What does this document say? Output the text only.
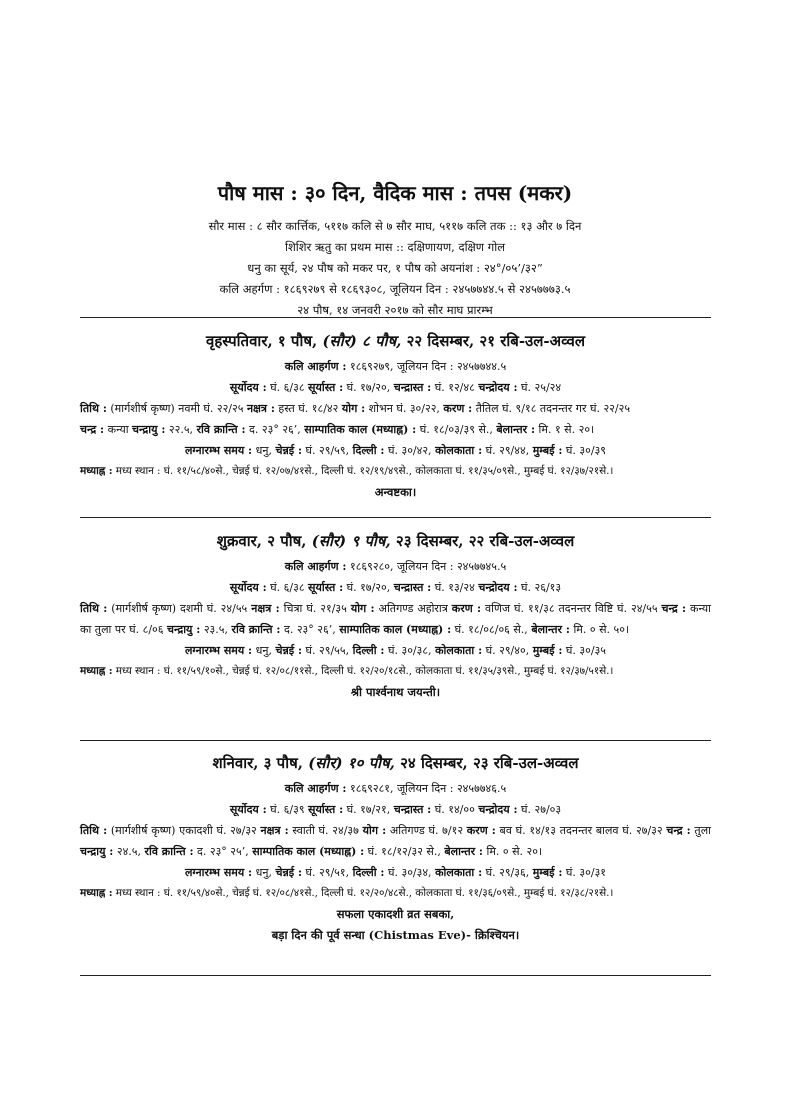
पौष मास : ३० दिन, वैदिक मास : तपस (मकर)

सौर मास : ८ सौर कार्त्तिक, ५११७ कलि से ७ सौर माघ, ५११७ कलि तक :: १३ और ७ दिन

शिशिर ऋतु का प्रथम मास :: दक्षिणायण, दक्षिण गोल

धनु का सूर्य, २४ पौष को मकर पर, १ पौष को अयनांश : २४°/०५’/३२”

कलि अहर्गण : १८६९२७९ से १८६९३०८, जूलियन दिन : २४५७७४४.५ से २४५७७७३.५

२४ पौष, १४ जनवरी २०१७ को सौर माघ प्रारम्भ

वृहस्पतिवार, १ पौष, (सौर) ८ पौष, २२ दिसम्बर, २१ रबि-उल-अव्वल

कलि आहर्गण : १८६९२७९, जूलियन दिन : २४५७७४४.५

सूर्योदय : घं. ६/३८ सूर्यास्त : घं. १७/२०, चन्द्रास्त : घं. १२/४८ चन्द्रोदय : घं. २५/२४

तिथि : (मार्गशीर्ष कृष्ण) नवमी घं. २२/२५ नक्षत्र : हस्त घं. १८/४२ योग : शोभन घं. ३०/२२, करण : तैतिल घं. ९/१८ तदनन्तर गर घं. २२/२५
चन्द्र : कन्या चन्द्रायु : २२.५, रवि क्रान्ति : द. २३° २६’, साम्पातिक काल (मध्याह्न) : घं. १८/०३/३९ से., बेलान्तर : मि. १ से. २०।

लग्नारम्भ समय : धनु, चेन्नई : घं. २९/५९, दिल्ली : घं. ३०/४२, कोलकाता : घं. २९/४४, मुम्बई : घं. ३०/३९

मध्याह्न : मध्य स्थान : घं. ११/५८/४०से., चेन्नई घं. १२/०७/४१से., दिल्ली घं. १२/१९/४९से., कोलकाता घं. ११/३५/०९से., मुम्बई घं. १२/३७/२१से.।

अन्वष्टका।

शुक्रवार, २ पौष, (सौर) ९ पौष, २३ दिसम्बर, २२ रबि-उल-अव्वल

कलि आहर्गण : १८६९२८०, जूलियन दिन : २४५७७४५.५

सूर्योदय : घं. ६/३८ सूर्यास्त : घं. १७/२०, चन्द्रास्त : घं. १३/२४ चन्द्रोदय : घं. २६/१३

तिथि : (मार्गशीर्ष कृष्ण) दशमी घं. २४/५५ नक्षत्र : चित्रा घं. २१/३५ योग : अतिगण्ड अहोरात्र करण : वणिज घं. ११/३८ तदनन्तर विष्टि घं. २४/५५ चन्द्र : कन्या का तुला पर घं. ८/०६ चन्द्रायु : २३.५, रवि क्रान्ति : द. २३° २६’, साम्पातिक काल (मध्याह्न) : घं. १८/०८/०६ से., बेलान्तर : मि. ० से. ५०।

लग्नारम्भ समय : धनु, चेन्नई : घं. २९/५५, दिल्ली : घं. ३०/३८, कोलकाता : घं. २९/४०, मुम्बई : घं. ३०/३५

मध्याह्न : मध्य स्थान : घं. ११/५९/१०से., चेन्नई घं. १२/०८/११से., दिल्ली घं. १२/२०/१८से., कोलकाता घं. ११/३५/३९से., मुम्बई घं. १२/३७/५१से.।

श्री पार्श्वनाथ जयन्ती।

शनिवार, ३ पौष, (सौर) १० पौष, २४ दिसम्बर, २३ रबि-उल-अव्वल

कलि आहर्गण : १८६९२८१, जूलियन दिन : २४५७७४६.५

सूर्योदय : घं. ६/३९ सूर्यास्त : घं. १७/२१, चन्द्रास्त : घं. १४/०० चन्द्रोदय : घं. २७/०३

तिथि : (मार्गशीर्ष कृष्ण) एकादशी घं. २७/३२ नक्षत्र : स्वाती घं. २४/३७ योग : अतिगण्ड घं. ७/१२ करण : बव घं. १४/१३ तदनन्तर बालव घं. २७/३२ चन्द्र : तुला चन्द्रायु : २४.५, रवि क्रान्ति : द. २३° २५’, साम्पातिक काल (मध्याह्न) : घं. १८/१२/३२ से., बेलान्तर : मि. ० से. २०।

लग्नारम्भ समय : धनु, चेन्नई : घं. २९/५१, दिल्ली : घं. ३०/३४, कोलकाता : घं. २९/३६, मुम्बई : घं. ३०/३१

मध्याह्न : मध्य स्थान : घं. ११/५९/४०से., चेन्नई घं. १२/०८/४१से., दिल्ली घं. १२/२०/४८से., कोलकाता घं. ११/३६/०९से., मुम्बई घं. १२/३८/२१से.।

सफला एकादशी व्रत सबका,

बड़ा दिन की पूर्व सन्धा (Chistmas Eve)- क्रिश्चियन।
